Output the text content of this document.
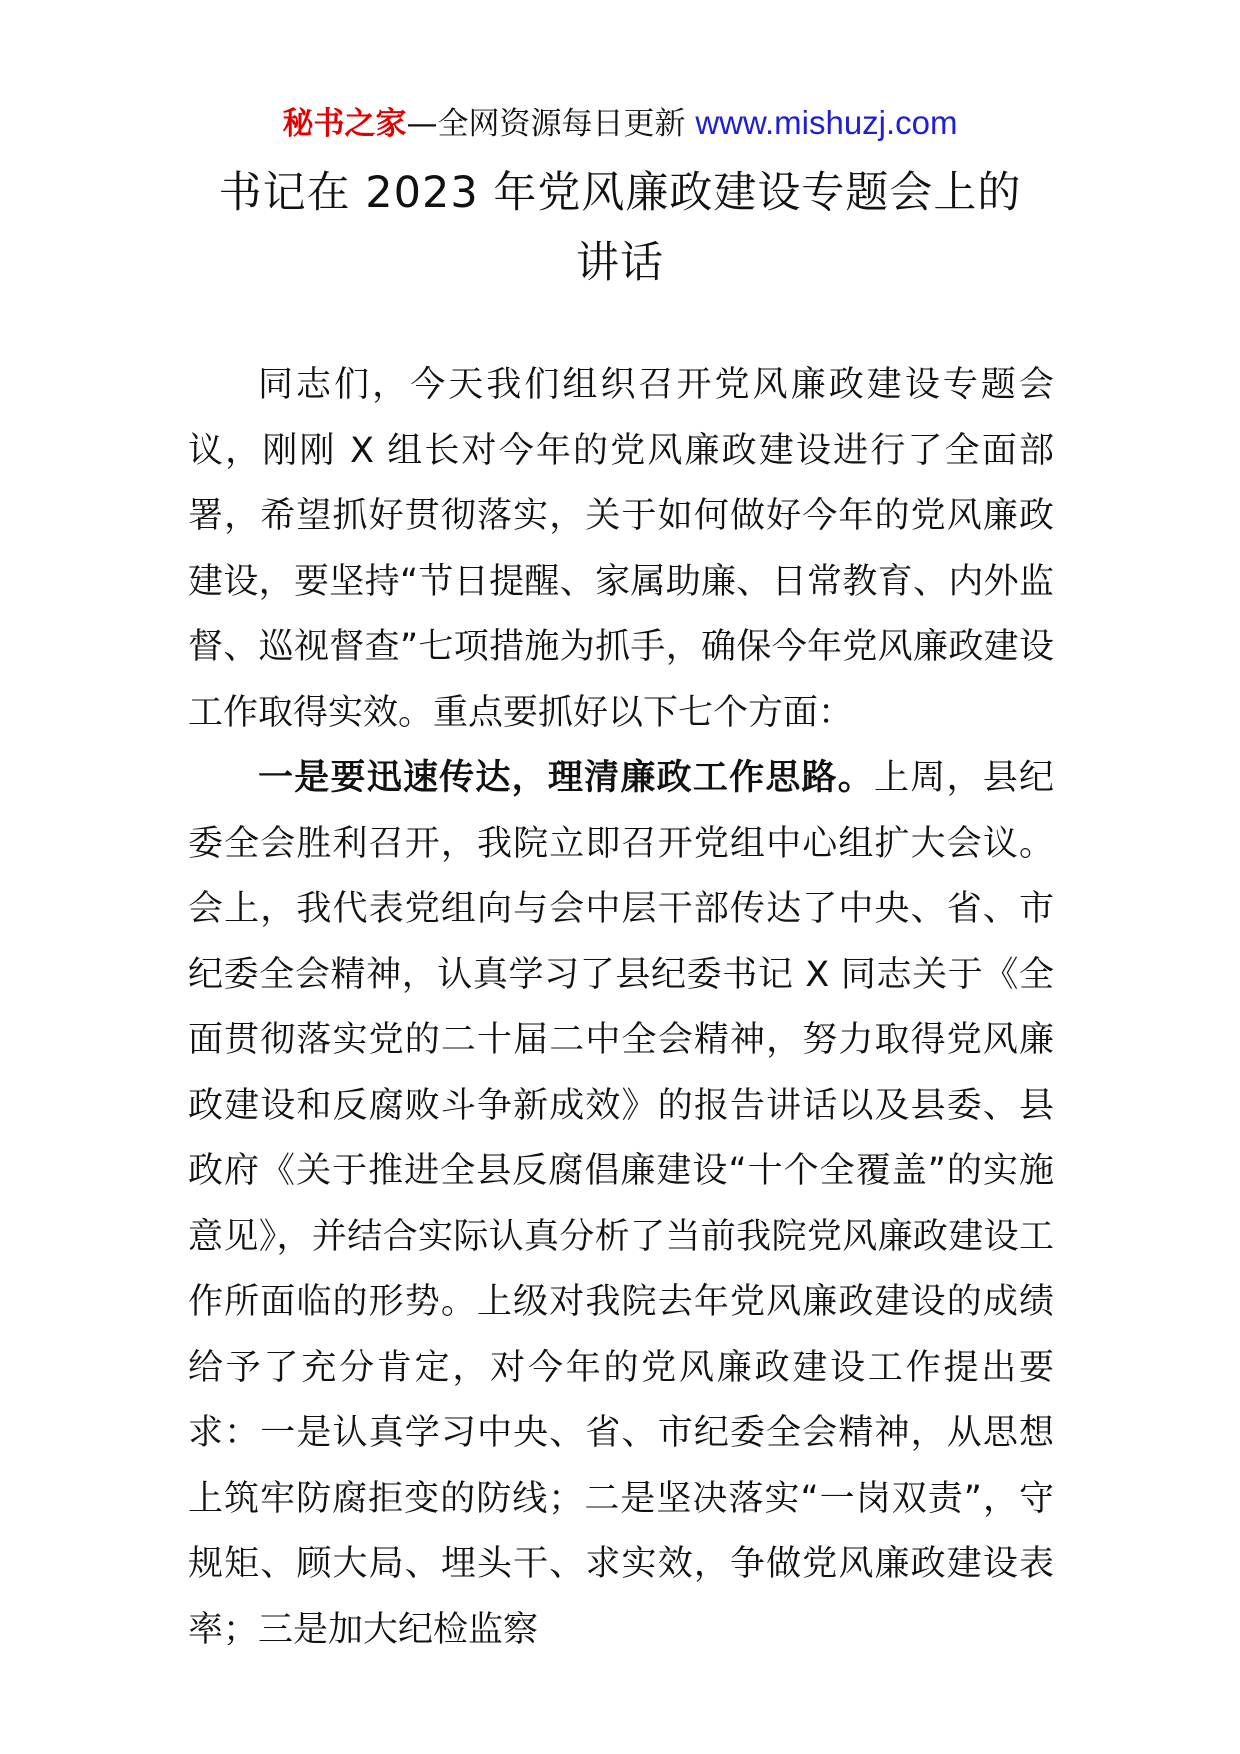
秘书之家—全网资源每日更新 www.mishuzj.com
书记在 2023 年党风廉政建设专题会上的
讲话

同志们，今天我们组织召开党风廉政建设专题会议，刚刚 X 组长对今年的党风廉政建设进行了全面部署，希望抓好贯彻落实，关于如何做好今年的党风廉政建设，要坚持“节日提醒、家属助廉、日常教育、内外监督、巡视督查”七项措施为抓手，确保今年党风廉政建设工作取得实效。重点要抓好以下七个方面：

一是要迅速传达，理清廉政工作思路。上周，县纪委全会胜利召开，我院立即召开党组中心组扩大会议。会上，我代表党组向与会中层干部传达了中央、省、市纪委全会精神，认真学习了县纪委书记 X 同志关于《全面贯彻落实党的二十届二中全会精神，努力取得党风廉政建设和反腐败斗争新成效》的报告讲话以及县委、县政府《关于推进全县反腐倡廉建设“十个全覆盖”的实施意见》，并结合实际认真分析了当前我院党风廉政建设工作所面临的形势。上级对我院去年党风廉政建设的成绩给予了充分肯定，对今年的党风廉政建设工作提出要求：一是认真学习中央、省、市纪委全会精神，从思想上筑牢防腐拒变的防线；二是坚决落实“一岗双责”，守规矩、顾大局、埋头干、求实效，争做党风廉政建设表率；三是加大纪检监察
